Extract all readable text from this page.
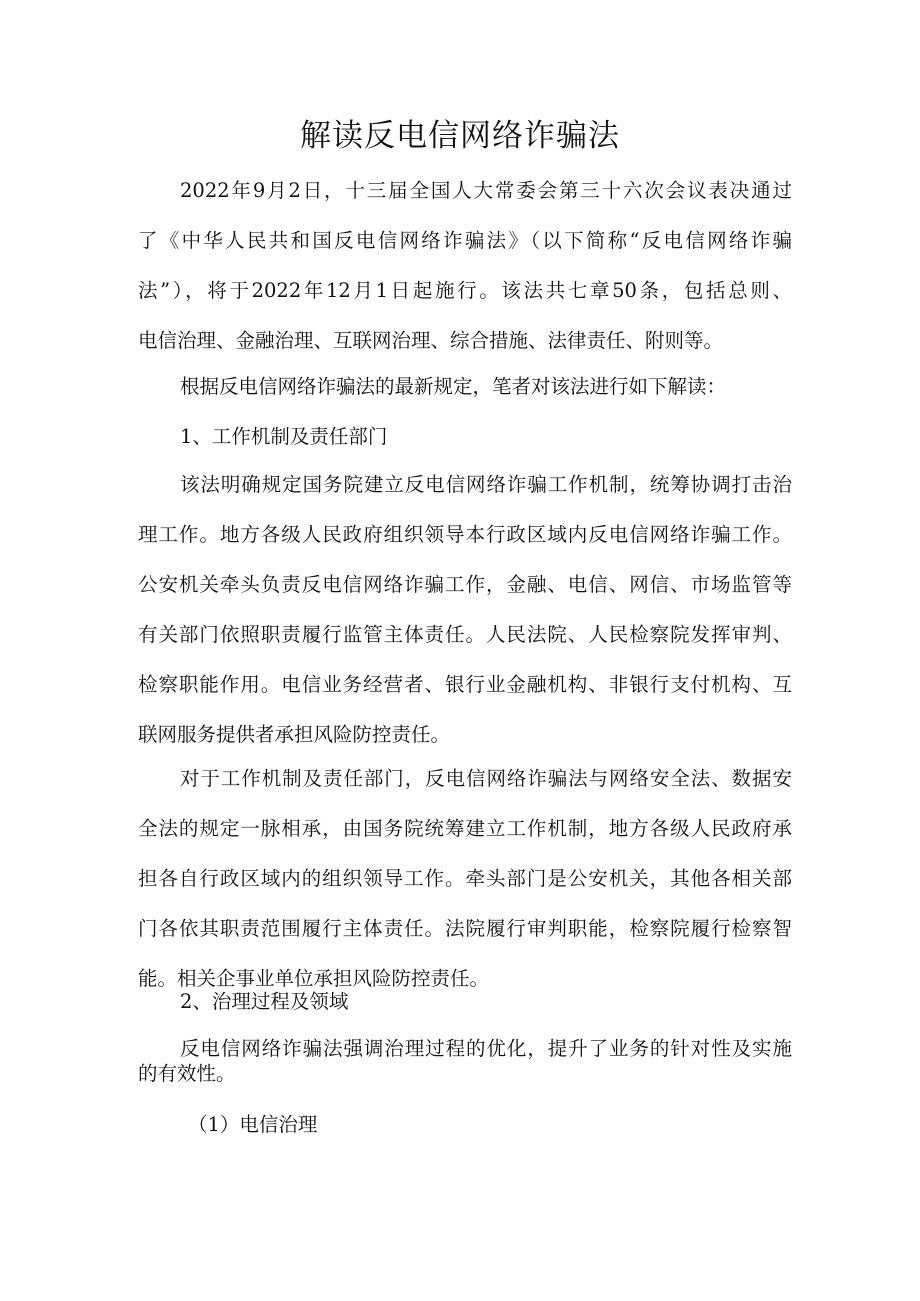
解读反电信网络诈骗法
2022年9月2日，十三届全国人大常委会第三十六次会议表决通过
了《中华人民共和国反电信网络诈骗法》（以下简称“反电信网络诈骗
法”），将于2022年12月1日起施行。该法共七章50条，包括总则、
电信治理、金融治理、互联网治理、综合措施、法律责任、附则等。
根据反电信网络诈骗法的最新规定，笔者对该法进行如下解读：
1、工作机制及责任部门
该法明确规定国务院建立反电信网络诈骗工作机制，统筹协调打击治
理工作。地方各级人民政府组织领导本行政区域内反电信网络诈骗工作。
公安机关牵头负责反电信网络诈骗工作，金融、电信、网信、市场监管等
有关部门依照职责履行监管主体责任。人民法院、人民检察院发挥审判、
检察职能作用。电信业务经营者、银行业金融机构、非银行支付机构、互
联网服务提供者承担风险防控责任。
对于工作机制及责任部门，反电信网络诈骗法与网络安全法、数据安
全法的规定一脉相承，由国务院统筹建立工作机制，地方各级人民政府承
担各自行政区域内的组织领导工作。牵头部门是公安机关，其他各相关部
门各依其职责范围履行主体责任。法院履行审判职能，检察院履行检察智
能。相关企事业单位承担风险防控责任。
2、治理过程及领域
反电信网络诈骗法强调治理过程的优化，提升了业务的针对性及实施
的有效性。
（1）电信治理
